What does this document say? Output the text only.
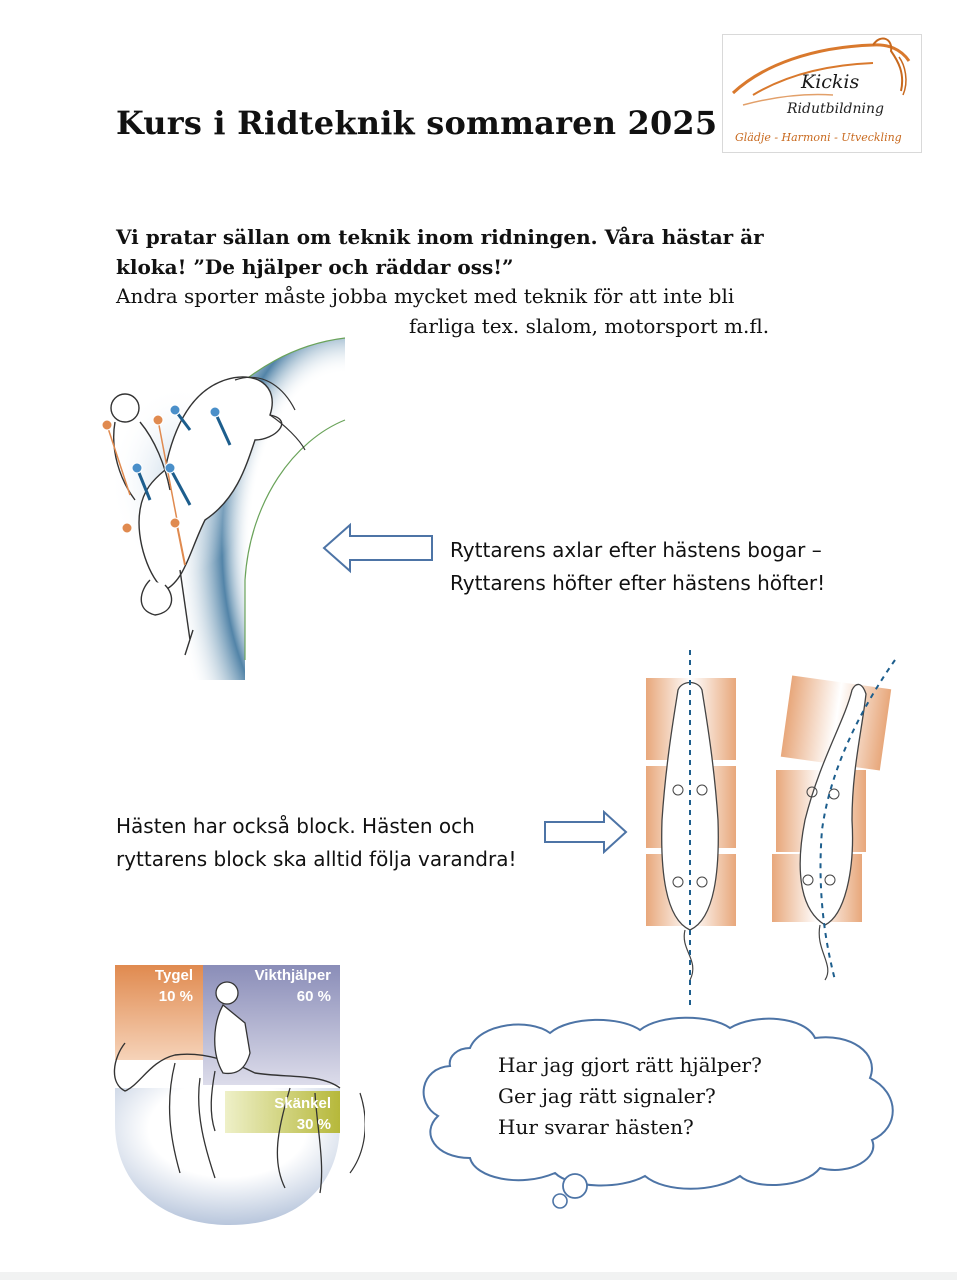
Kickis
Ridutbildning
Glädje - Harmoni - Utveckling
Kurs i Ridteknik sommaren 2025
Vi pratar sällan om teknik inom ridningen. Våra hästar är kloka! ”De hjälper och räddar oss!”
Andra sporter måste jobba mycket med teknik för att inte bli
farliga tex. slalom, motorsport m.fl.
Ryttarens axlar efter hästens bogar –
Ryttarens höfter efter hästens höfter!
Hästen har också block. Hästen och
ryttarens block ska alltid följa varandra!
Tygel
10 %
Vikthjälper
60 %
Skänkel
30 %
Har jag gjort rätt hjälper?
Ger jag rätt signaler?
Hur svarar hästen?
